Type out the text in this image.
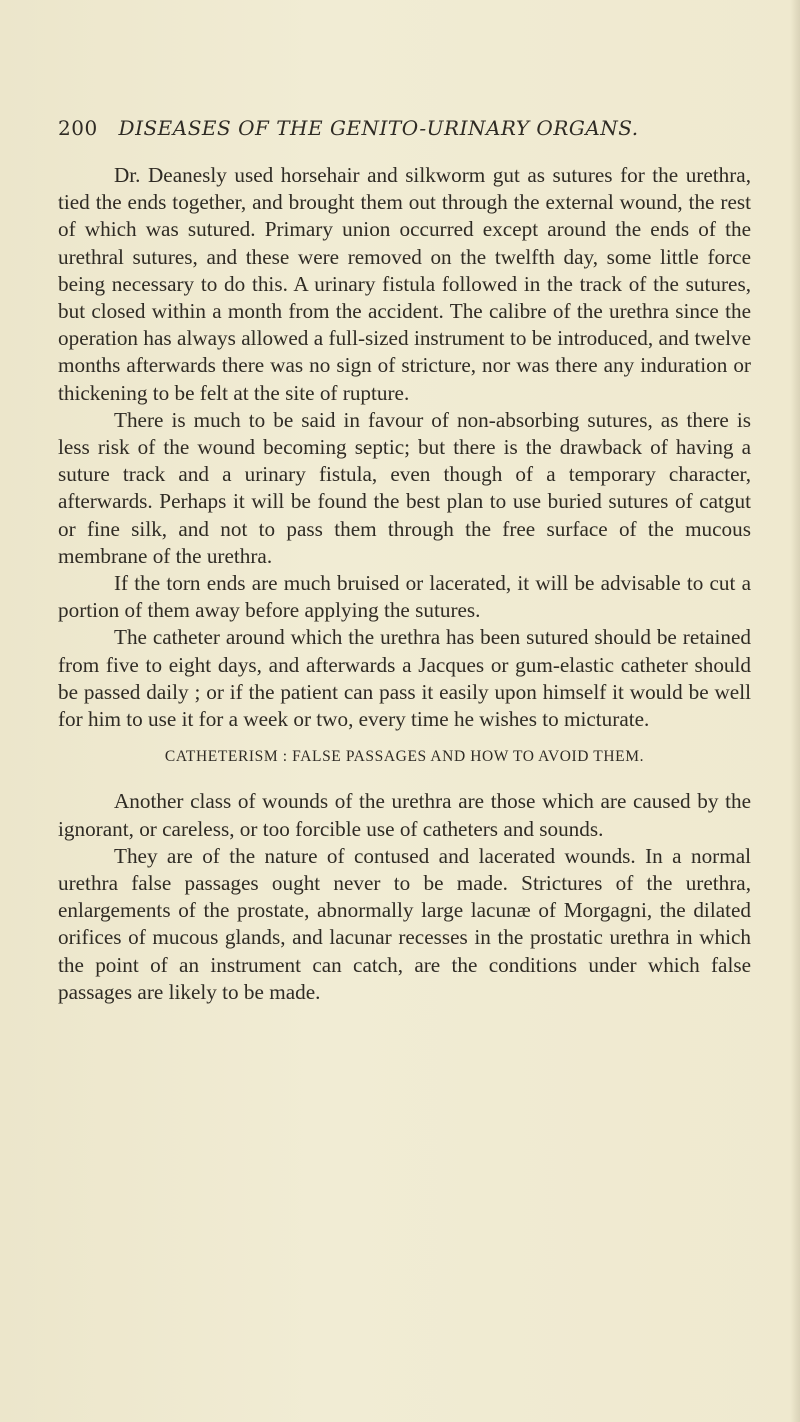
200 DISEASES OF THE GENITO-URINARY ORGANS.

Dr. Deanesly used horsehair and silkworm gut as sutures for the urethra, tied the ends together, and brought them out through the external wound, the rest of which was sutured. Primary union occurred except around the ends of the urethral sutures, and these were removed on the twelfth day, some little force being necessary to do this. A urinary fistula followed in the track of the sutures, but closed within a month from the accident. The calibre of the urethra since the operation has always allowed a full-sized instrument to be introduced, and twelve months afterwards there was no sign of stricture, nor was there any induration or thickening to be felt at the site of rupture.

There is much to be said in favour of non-absorbing sutures, as there is less risk of the wound becoming septic; but there is the drawback of having a suture track and a urinary fistula, even though of a temporary character, afterwards. Perhaps it will be found the best plan to use buried sutures of catgut or fine silk, and not to pass them through the free surface of the mucous membrane of the urethra.

If the torn ends are much bruised or lacerated, it will be advisable to cut a portion of them away before applying the sutures.

The catheter around which the urethra has been sutured should be retained from five to eight days, and afterwards a Jacques or gum-elastic catheter should be passed daily ; or if the patient can pass it easily upon himself it would be well for him to use it for a week or two, every time he wishes to micturate.

CATHETERISM : FALSE PASSAGES AND HOW TO AVOID THEM.

Another class of wounds of the urethra are those which are caused by the ignorant, or careless, or too forcible use of catheters and sounds.

They are of the nature of contused and lacerated wounds. In a normal urethra false passages ought never to be made. Strictures of the urethra, enlargements of the prostate, abnormally large lacunæ of Morgagni, the dilated orifices of mucous glands, and lacunar recesses in the prostatic urethra in which the point of an instrument can catch, are the conditions under which false passages are likely to be made.
